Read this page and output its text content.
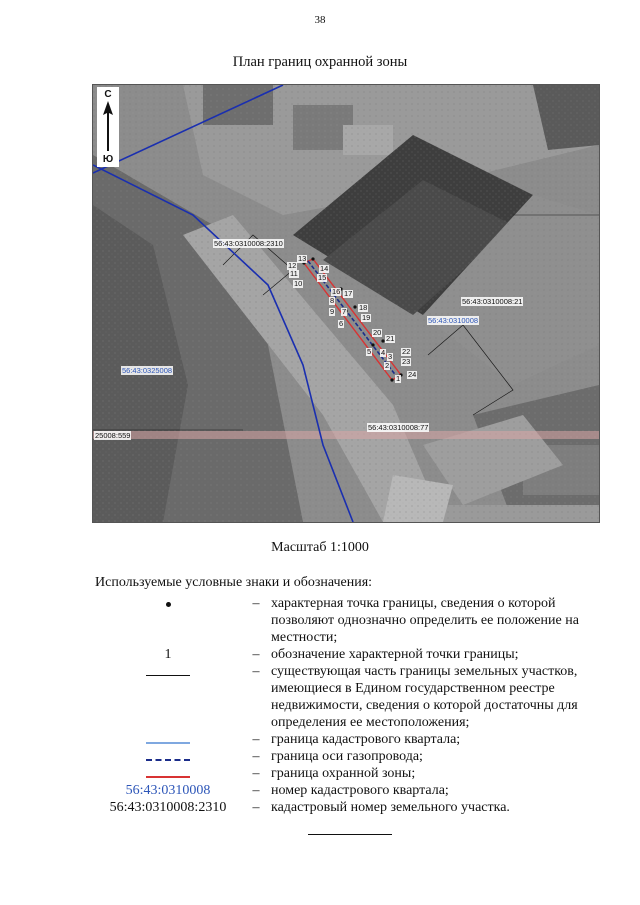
38
План границ охранной зоны
С
Ю
56:43:0310008:2310
56:43:0310008:21
56:43:0310008:77
25008:559
56:43:0310008
56:43:0325008
13
12
11
10
14
15
16 17
8
9 7 18
19
6
20
21
5 4 3
22
23
2
1 24
Масштаб 1:1000
Используемые условные знаки и обозначения:
– характерная точка границы, сведения о которой позволяют однозначно определить ее положение на местности;
1	– обозначение характерной точки границы;
– существующая часть границы земельных участков, имеющиеся в Едином государственном реестре недвижимости, сведения о которой достаточны для определения ее местоположения;
– граница кадастрового квартала;
– граница оси газопровода;
– граница охранной зоны;
56:43:0310008	– номер кадастрового квартала;
56:43:0310008:2310	– кадастровый номер земельного участка.
